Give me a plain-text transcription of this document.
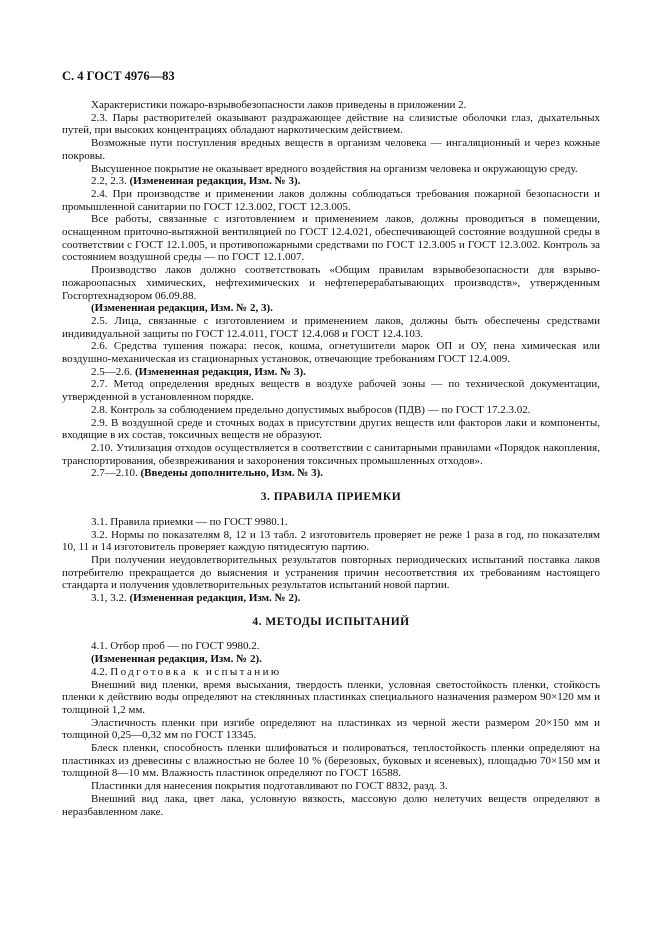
С. 4 ГОСТ 4976—83
Характеристики пожаро-взрывобезопасности лаков приведены в приложении 2.
2.3. Пары растворителей оказывают раздражающее действие на слизистые оболочки глаз, дыхательных путей, при высоких концентрациях обладают наркотическим действием.
Возможные пути поступления вредных веществ в организм человека — ингаляционный и через кожные покровы.
Высушенное покрытие не оказывает вредного воздействия на организм человека и окружающую среду.
2.2, 2.3. (Измененная редакция, Изм. № 3).
2.4. При производстве и применении лаков должны соблюдаться требования пожарной безопасности и промышленной санитарии по ГОСТ 12.3.002, ГОСТ 12.3.005.
Все работы, связанные с изготовлением и применением лаков, должны проводиться в помещении, оснащенном приточно-вытяжной вентиляцией по ГОСТ 12.4.021, обеспечивающей состояние воздушной среды в соответствии с ГОСТ 12.1.005, и противопожарными средствами по ГОСТ 12.3.005 и ГОСТ 12.3.002. Контроль за состоянием воздушной среды — по ГОСТ 12.1.007.
Производство лаков должно соответствовать «Общим правилам взрывобезопасности для взрыво-пожароопасных химических, нефтехимических и нефтеперерабатывающих производств», утвержденным Госгортехнадзором 06.09.88.
(Измененная редакция, Изм. № 2, 3).
2.5. Лица, связанные с изготовлением и применением лаков, должны быть обеспечены средствами индивидуальной защиты по ГОСТ 12.4.011, ГОСТ 12.4.068 и ГОСТ 12.4.103.
2.6. Средства тушения пожара: песок, кошма, огнетушители марок ОП и ОУ, пена химическая или воздушно-механическая из стационарных установок, отвечающие требованиям ГОСТ 12.4.009.
2.5—2.6. (Измененная редакция, Изм. № 3).
2.7. Метод определения вредных веществ в воздухе рабочей зоны — по технической документации, утвержденной в установленном порядке.
2.8. Контроль за соблюдением предельно допустимых выбросов (ПДВ) — по ГОСТ 17.2.3.02.
2.9. В воздушной среде и сточных водах в присутствии других веществ или факторов лаки и компоненты, входящие в их состав, токсичных веществ не образуют.
2.10. Утилизация отходов осуществляется в соответствии с санитарными правилами «Порядок накопления, транспортирования, обезвреживания и захоронения токсичных промышленных отходов».
2.7—2.10. (Введены дополнительно, Изм. № 3).
3. ПРАВИЛА ПРИЕМКИ
3.1. Правила приемки — по ГОСТ 9980.1.
3.2. Нормы по показателям 8, 12 и 13 табл. 2 изготовитель проверяет не реже 1 раза в год, по показателям 10, 11 и 14 изготовитель проверяет каждую пятидесятую партию.
При получении неудовлетворительных результатов повторных периодических испытаний поставка лаков потребителю прекращается до выяснения и устранения причин несоответствия их требованиям настоящего стандарта и получения удовлетворительных результатов испытаний новой партии.
3.1, 3.2. (Измененная редакция, Изм. № 2).
4. МЕТОДЫ ИСПЫТАНИЙ
4.1. Отбор проб — по ГОСТ 9980.2.
(Измененная редакция, Изм. № 2).
4.2. Подготовка к испытанию
Внешний вид пленки, время высыхания, твердость пленки, условная светостойкость пленки, стойкость пленки к действию воды определяют на стеклянных пластинках специального назначения размером 90×120 мм и толщиной 1,2 мм.
Эластичность пленки при изгибе определяют на пластинках из черной жести размером 20×150 мм и толщиной 0,25—0,32 мм по ГОСТ 13345.
Блеск пленки, способность пленки шлифоваться и полироваться, теплостойкость пленки определяют на пластинках из древесины с влажностью не более 10 % (березовых, буковых и ясеневых), площадью 70×150 мм и толщиной 8—10 мм. Влажность пластинок определяют по ГОСТ 16588.
Пластинки для нанесения покрытия подготавливают по ГОСТ 8832, разд. 3.
Внешний вид лака, цвет лака, условную вязкость, массовую долю нелетучих веществ определяют в неразбавленном лаке.
